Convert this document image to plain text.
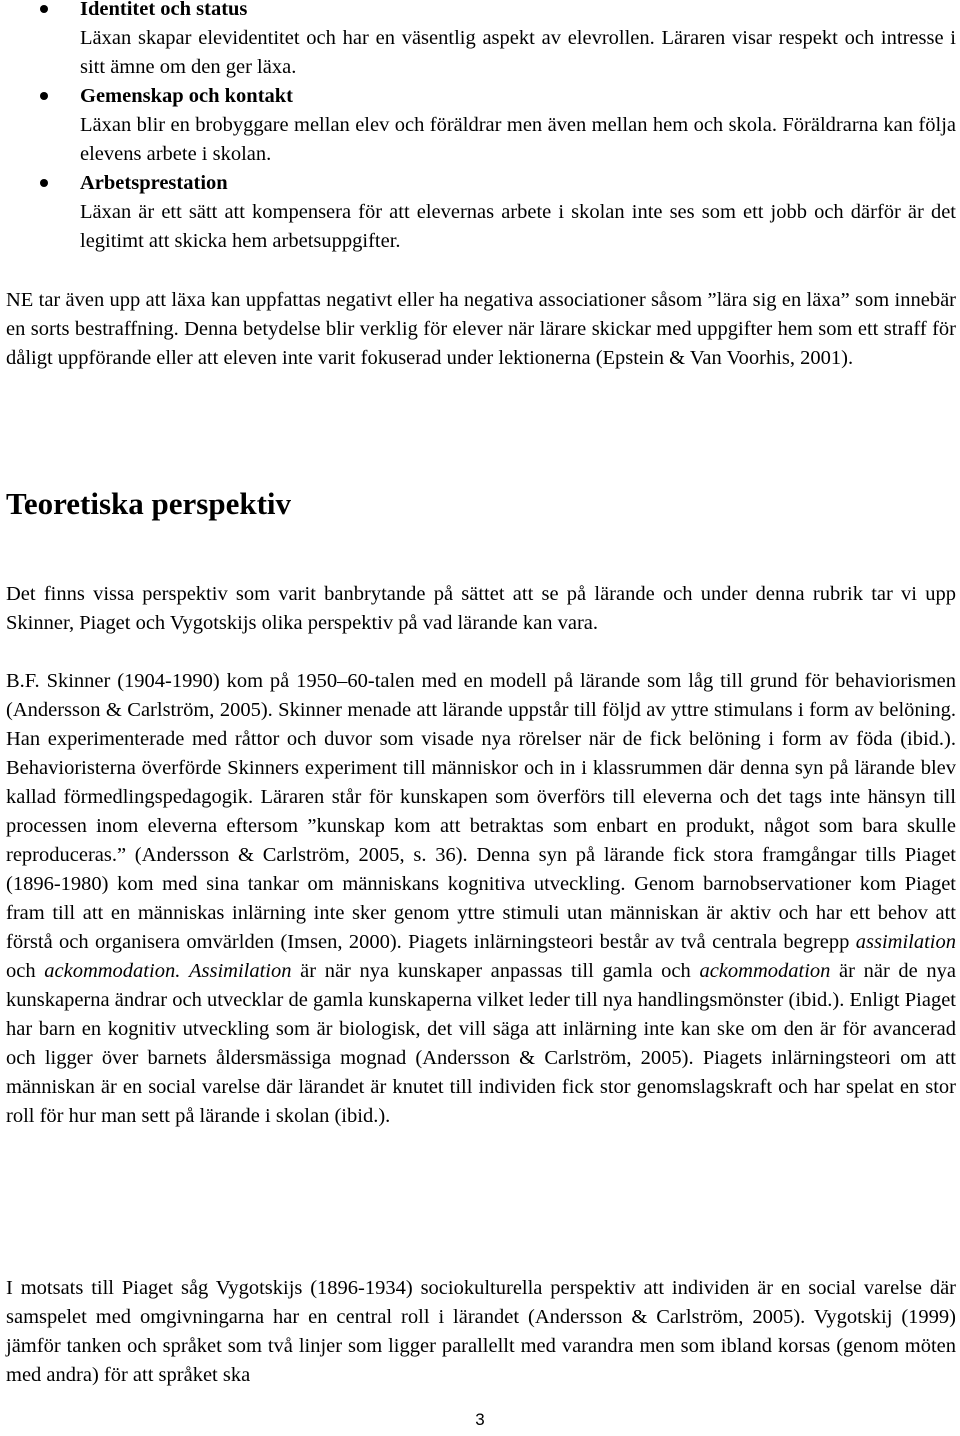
Identitet och status
Läxan skapar elevidentitet och har en väsentlig aspekt av elevrollen. Läraren visar respekt och intresse i sitt ämne om den ger läxa.
Gemenskap och kontakt
Läxan blir en brobyggare mellan elev och föräldrar men även mellan hem och skola. Föräldrarna kan följa elevens arbete i skolan.
Arbetsprestation
Läxan är ett sätt att kompensera för att elevernas arbete i skolan inte ses som ett jobb och därför är det legitimt att skicka hem arbetsuppgifter.

NE tar även upp att läxa kan uppfattas negativt eller ha negativa associationer såsom ”lära sig en läxa” som innebär en sorts bestraffning. Denna betydelse blir verklig för elever när lärare skickar med uppgifter hem som ett straff för dåligt uppförande eller att eleven inte varit fokuserad under lektionerna (Epstein & Van Voorhis, 2001).

Teoretiska perspektiv

Det finns vissa perspektiv som varit banbrytande på sättet att se på lärande och under denna rubrik tar vi upp Skinner, Piaget och Vygotskijs olika perspektiv på vad lärande kan vara.

B.F. Skinner (1904-1990) kom på 1950–60-talen med en modell på lärande som låg till grund för behaviorismen (Andersson & Carlström, 2005). Skinner menade att lärande uppstår till följd av yttre stimulans i form av belöning. Han experimenterade med råttor och duvor som visade nya rörelser när de fick belöning i form av föda (ibid.). Behavioristerna överförde Skinners experiment till människor och in i klassrummen där denna syn på lärande blev kallad förmedlingspedagogik. Läraren står för kunskapen som överförs till eleverna och det tags inte hänsyn till processen inom eleverna eftersom ”kunskap kom att betraktas som enbart en produkt, något som bara skulle reproduceras.” (Andersson & Carlström, 2005, s. 36). Denna syn på lärande fick stora framgångar tills Piaget (1896-1980) kom med sina tankar om människans kognitiva utveckling. Genom barnobservationer kom Piaget fram till att en människas inlärning inte sker genom yttre stimuli utan människan är aktiv och har ett behov att förstå och organisera omvärlden (Imsen, 2000). Piagets inlärningsteori består av två centrala begrepp assimilation och ackommodation. Assimilation är när nya kunskaper anpassas till gamla och ackommodation är när de nya kunskaperna ändrar och utvecklar de gamla kunskaperna vilket leder till nya handlingsmönster (ibid.). Enligt Piaget har barn en kognitiv utveckling som är biologisk, det vill säga att inlärning inte kan ske om den är för avancerad och ligger över barnets åldersmässiga mognad (Andersson & Carlström, 2005). Piagets inlärningsteori om att människan är en social varelse där lärandet är knutet till individen fick stor genomslagskraft och har spelat en stor roll för hur man sett på lärande i skolan (ibid.).

I motsats till Piaget såg Vygotskijs (1896-1934) sociokulturella perspektiv att individen är en social varelse där samspelet med omgivningarna har en central roll i lärandet (Andersson & Carlström, 2005). Vygotskij (1999) jämför tanken och språket som två linjer som ligger parallellt med varandra men som ibland korsas (genom möten med andra) för att språket ska

3
